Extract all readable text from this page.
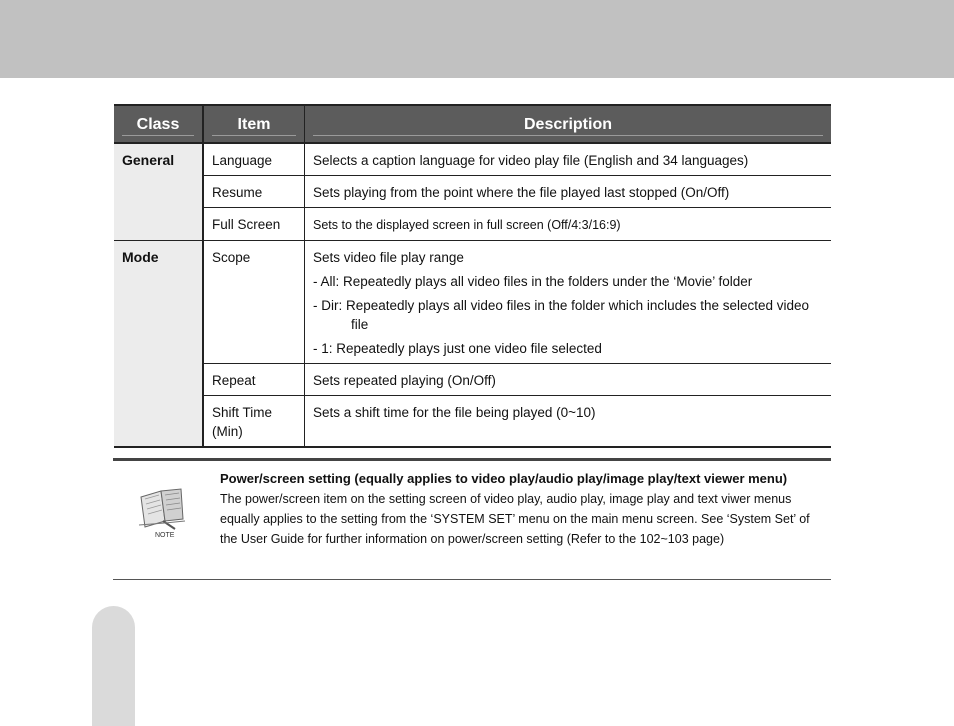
Class	Item	Description

General	Language	Selects a caption language for video play file (English and 34 languages)
	Resume	Sets playing from the point where the file played last stopped (On/Off)
	Full Screen	Sets to the displayed screen in full screen (Off/4:3/16:9)
Mode	Scope	Sets video file play range
- All: Repeatedly plays all video files in the folders under the ‘Movie’ folder
- Dir: Repeatedly plays all video files in the folder which includes the selected video
file
- 1: Repeatedly plays just one video file selected

	Repeat	Sets repeated playing (On/Off)
	Shift Time (Min)	Sets a shift time for the file being played (0~10)
NOTE
Power/screen setting (equally applies to video play/audio play/image play/text viewer menu)
The power/screen item on the setting screen of video play, audio play, image play and text viwer menus equally applies to the setting from the ‘SYSTEM SET’ menu on the main menu screen. See ‘System Set’ of the User Guide for further information on power/screen setting (Refer to the 102~103 page)
